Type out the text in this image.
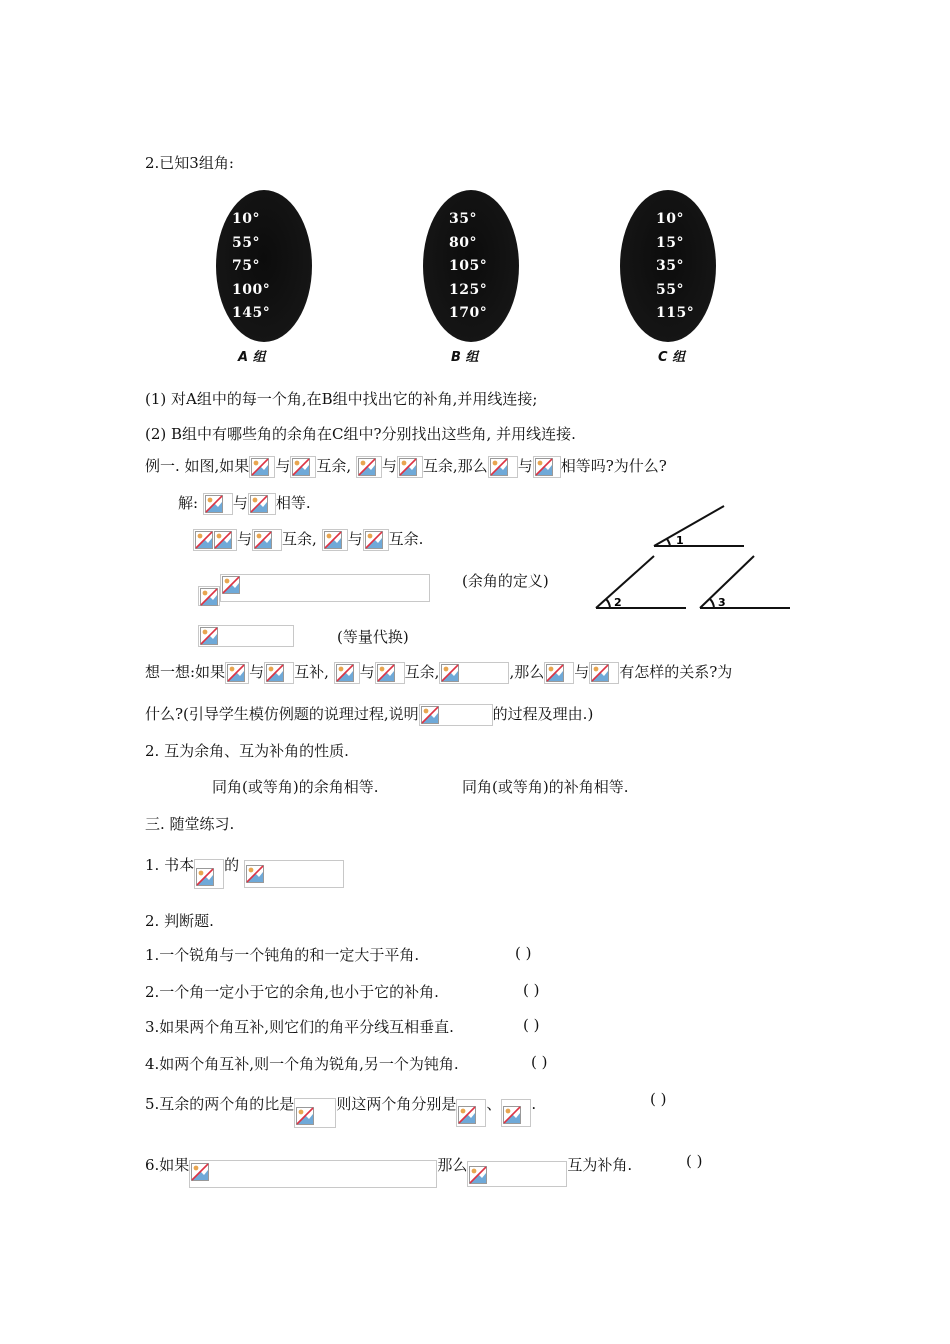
2.已知3组角:
10°
55°
75°
100°
145°
35°
80°
105°
125°
170°
10°
15°
35°
55°
115°
A 组	B 组	C 组
(1) 对A组中的每一个角,在B组中找出它的补角,并用线连接;
(2) B组中有哪些角的余角在C组中?分别找出这些角, 并用线连接.
例一. 如图,如果 与 互余, 与 互余,那么 与 相等吗?为什么?
解: 与 相等.
与 互余, 与 互余.
(余角的定义)
(等量代换)
1
2	3
想一想:如果 与 互补, 与 互余,	,那么 与 有怎样的关系?为
什么?(引导学生模仿例题的说理过程,说明	的过程及理由.)
2. 互为余角、互为补角的性质.
同角(或等角)的余角相等.	同角(或等角)的补角相等.
三. 随堂练习.
1. 书本 的
2. 判断题.
1.一个锐角与一个钝角的和一定大于平角.	( )
2.一个角一定小于它的余角,也小于它的补角.	( )
3.如果两个角互补,则它们的角平分线互相垂直.	( )
4.如两个角互补,则一个角为锐角,另一个为钝角.	( )
5.互余的两个角的比是	则这两个角分别是 、 .	( )
6.如果	那么	互为补角.	( )
